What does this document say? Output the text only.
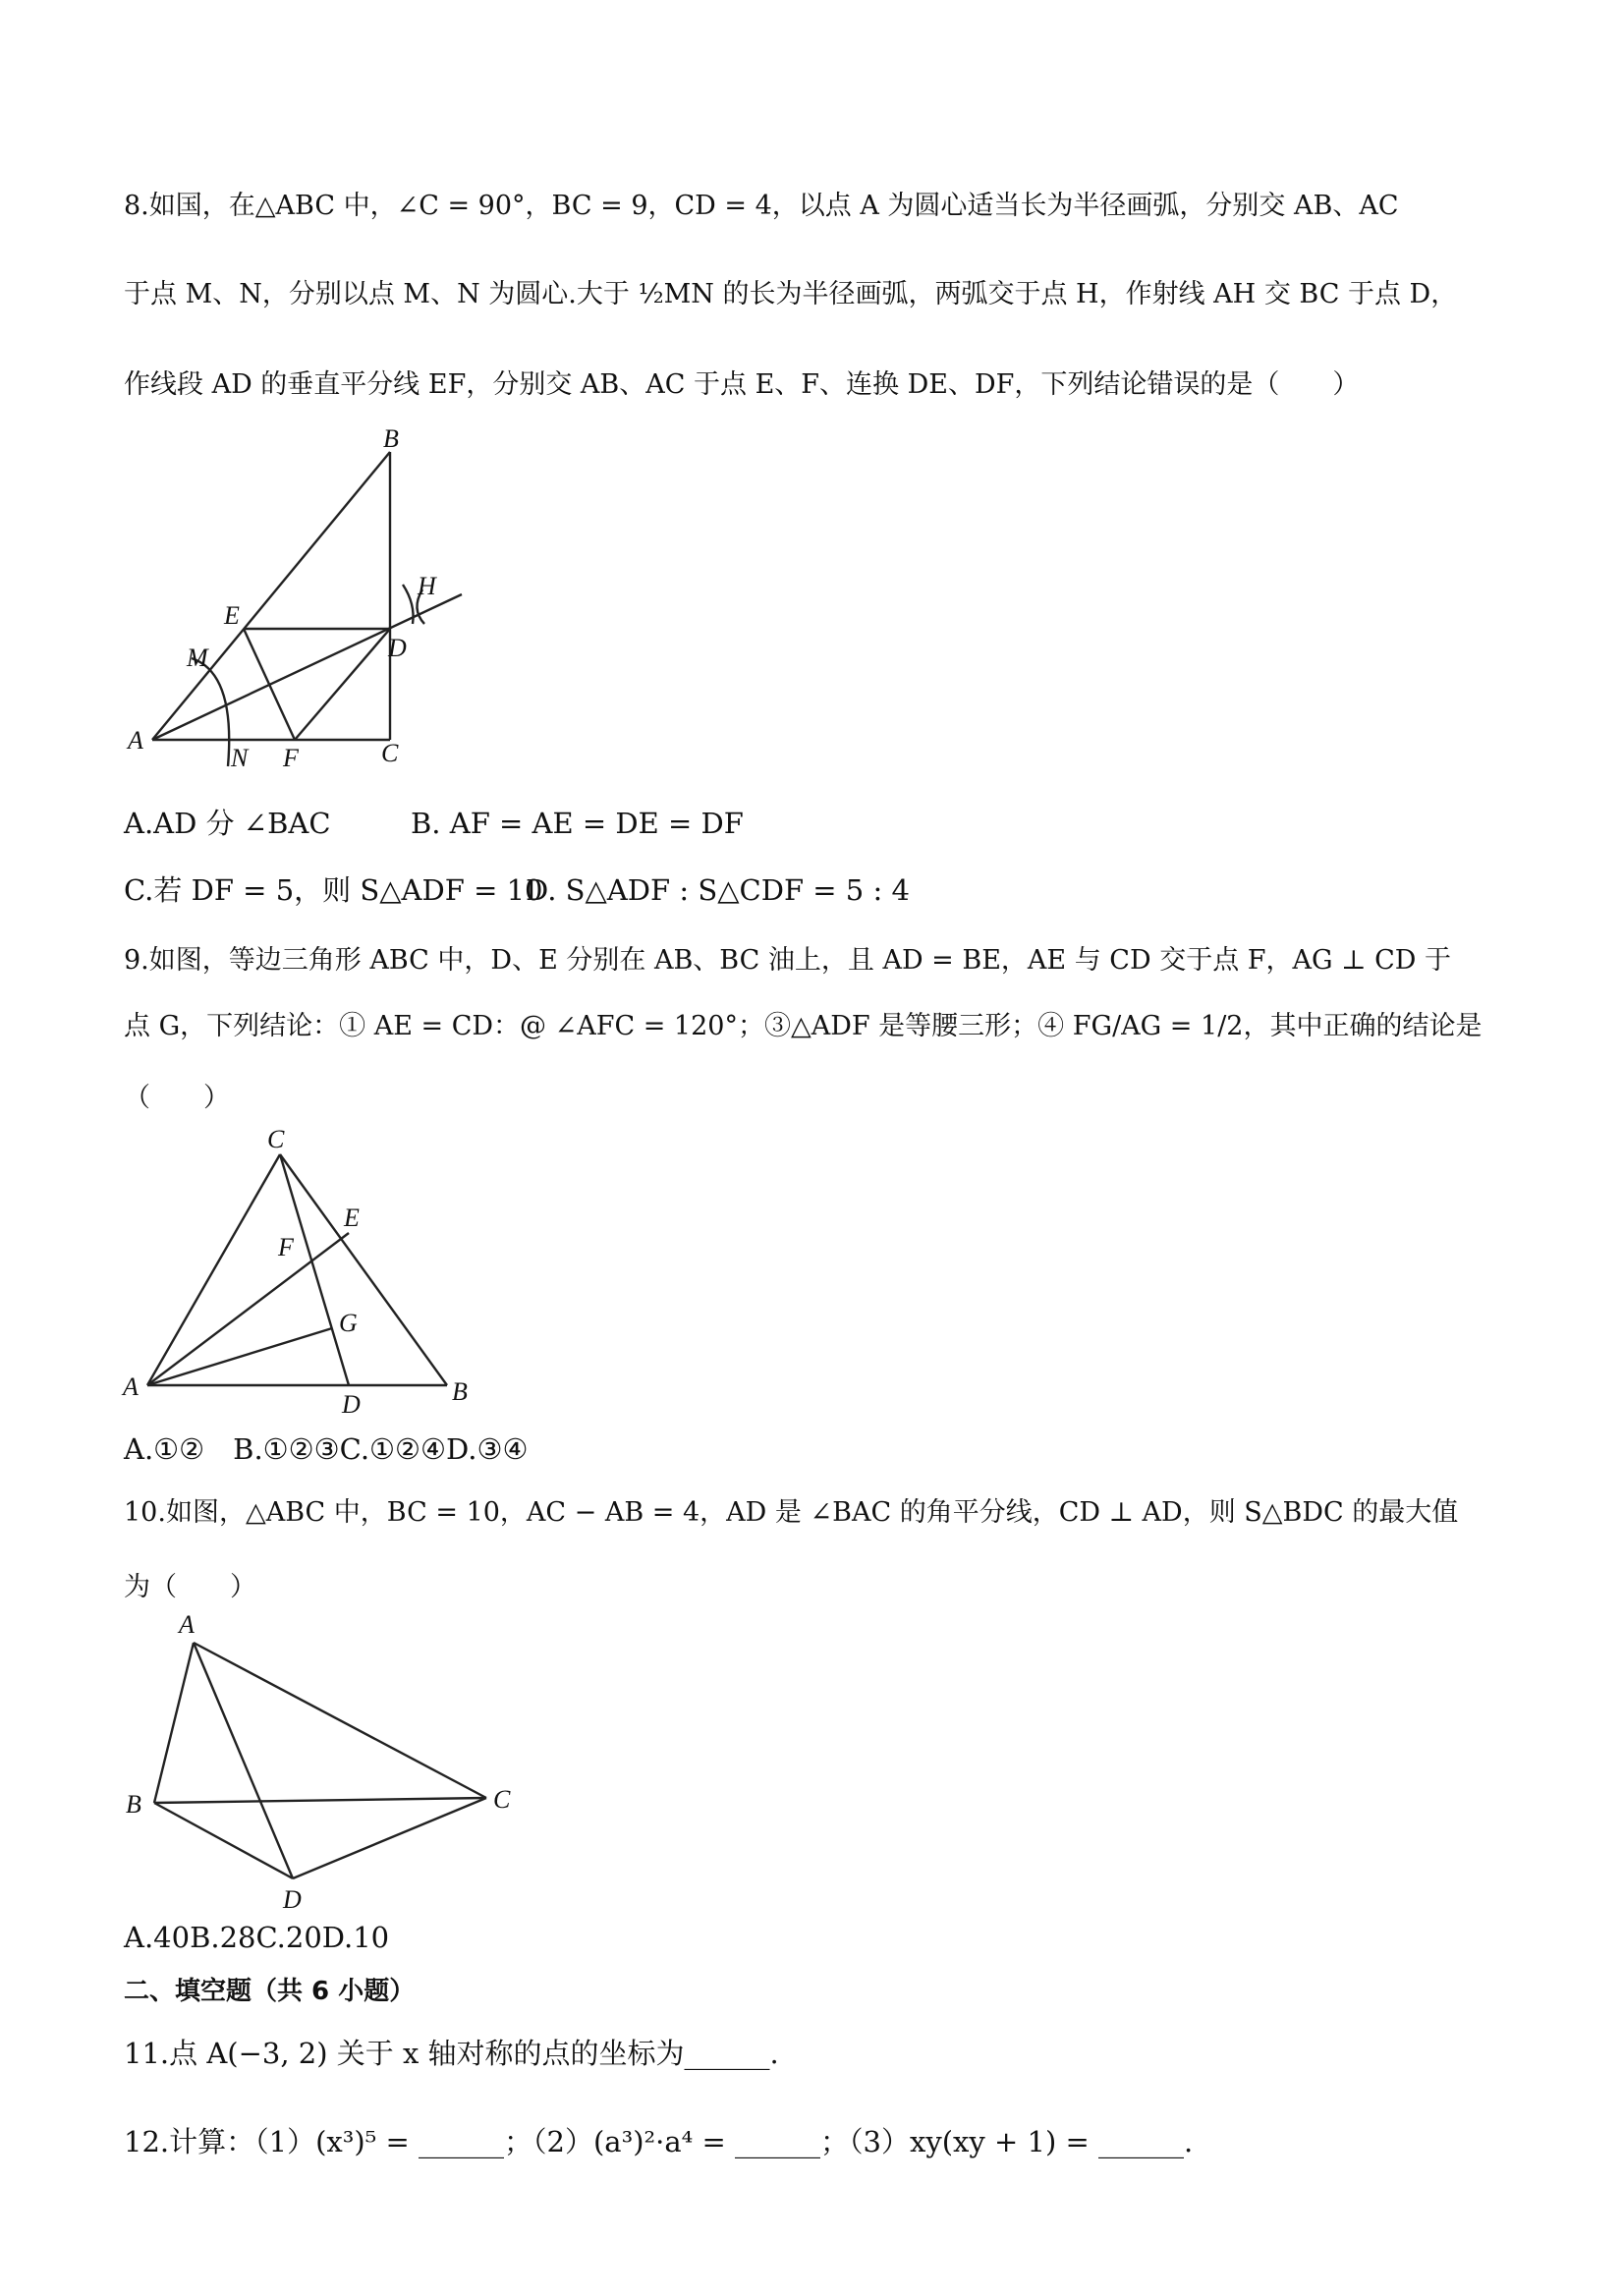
8.如国，在△ABC 中，∠C = 90°，BC = 9，CD = 4，以点 A 为圆心适当长为半径画弧，分别交 AB、AC
于点 M、N，分别以点 M、N 为圆心.大于 ½MN 的长为半径画弧，两弧交于点 H，作射线 AH 交 BC 于点 D，
作线段 AD 的垂直平分线 EF，分别交 AB、AC 于点 E、F、连换 DE、DF，下列结论错误的是（　　）
B
H
E
D
M
A
N F	C
A.AD 分 ∠BAC	B. AF = AE = DE = DF
C.若 DF = 5，则 S△ADF = 10
D. S△ADF : S△CDF = 5 : 4
9.如图，等边三角形 ABC 中，D、E 分别在 AB、BC 油上，且 AD = BE，AE 与 CD 交于点 F，AG ⊥ CD 于
点 G，下列结论：① AE = CD：@ ∠AFC = 120°；③△ADF 是等腰三形；④ FG/AG = 1/2，其中正确的结论是
（　　）
C
E
F
G
A
D	B
A.①②　B.①②③C.①②④D.③④
10.如图，△ABC 中，BC = 10，AC − AB = 4，AD 是 ∠BAC 的角平分线，CD ⊥ AD，则 S△BDC 的最大值
为（　　）
A
B	C
D
A.40B.28C.20D.10
二、填空题（共 6 小题）
11.点 A(−3, 2) 关于 x 轴对称的点的坐标为______.
12.计算：（1）(x³)⁵ = ______；（2）(a³)²·a⁴ = ______；（3）xy(xy + 1) = ______.
